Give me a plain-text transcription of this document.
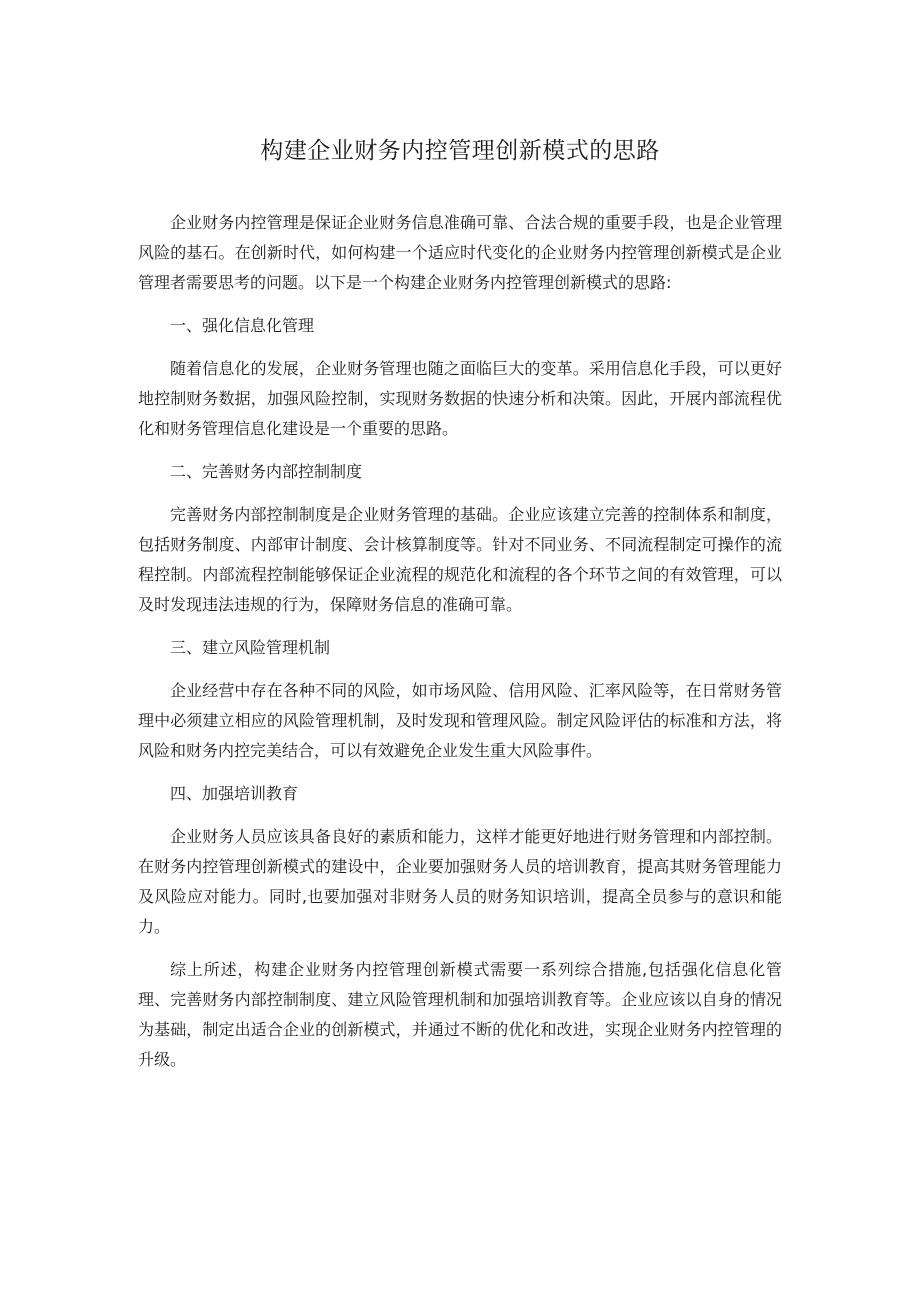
构建企业财务内控管理创新模式的思路

企业财务内控管理是保证企业财务信息准确可靠、合法合规的重要手段，也是企业管理风险的基石。在创新时代，如何构建一个适应时代变化的企业财务内控管理创新模式是企业管理者需要思考的问题。以下是一个构建企业财务内控管理创新模式的思路:

一、强化信息化管理

随着信息化的发展，企业财务管理也随之面临巨大的变革。采用信息化手段，可以更好地控制财务数据，加强风险控制，实现财务数据的快速分析和决策。因此，开展内部流程优化和财务管理信息化建设是一个重要的思路。

二、完善财务内部控制制度

完善财务内部控制制度是企业财务管理的基础。企业应该建立完善的控制体系和制度，包括财务制度、内部审计制度、会计核算制度等。针对不同业务、不同流程制定可操作的流程控制。内部流程控制能够保证企业流程的规范化和流程的各个环节之间的有效管理，可以及时发现违法违规的行为，保障财务信息的准确可靠。

三、建立风险管理机制

企业经营中存在各种不同的风险，如市场风险、信用风险、汇率风险等，在日常财务管理中必须建立相应的风险管理机制，及时发现和管理风险。制定风险评估的标准和方法，将风险和财务内控完美结合，可以有效避免企业发生重大风险事件。

四、加强培训教育

企业财务人员应该具备良好的素质和能力，这样才能更好地进行财务管理和内部控制。在财务内控管理创新模式的建设中，企业要加强财务人员的培训教育，提高其财务管理能力及风险应对能力。同时,也要加强对非财务人员的财务知识培训，提高全员参与的意识和能力。

综上所述，构建企业财务内控管理创新模式需要一系列综合措施,包括强化信息化管理、完善财务内部控制制度、建立风险管理机制和加强培训教育等。企业应该以自身的情况为基础，制定出适合企业的创新模式，并通过不断的优化和改进，实现企业财务内控管理的升级。
